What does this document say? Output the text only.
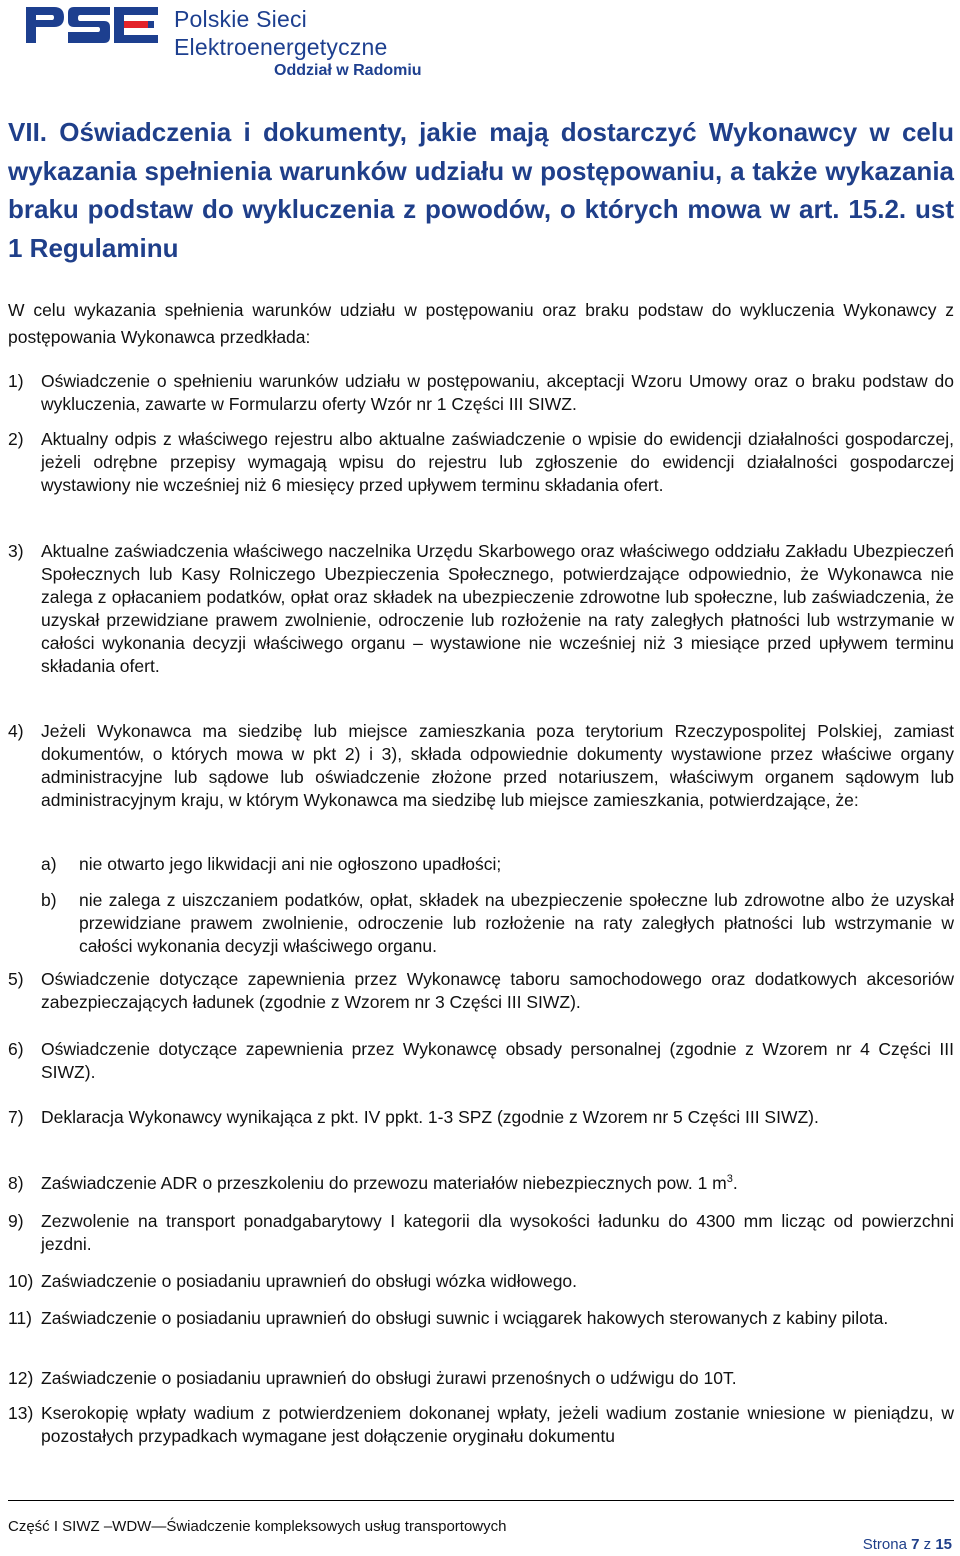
Polskie Sieci
Elektroenergetyczne
Oddział w Radomiu
VII. Oświadczenia i dokumenty, jakie mają dostarczyć Wykonawcy w celu wykazania spełnienia warunków udziału w postępowaniu, a także wykazania braku podstaw do wykluczenia z powodów, o których mowa w art. 15.2. ust 1 Regulaminu
W celu wykazania spełnienia warunków udziału w postępowaniu oraz braku podstaw do wykluczenia Wykonawcy z postępowania Wykonawca przedkłada:
1) Oświadczenie o spełnieniu warunków udziału w postępowaniu, akceptacji Wzoru Umowy oraz o braku podstaw do wykluczenia, zawarte w Formularzu oferty Wzór nr 1 Części III SIWZ.
2) Aktualny odpis z właściwego rejestru albo aktualne zaświadczenie o wpisie do ewidencji działalności gospodarczej, jeżeli odrębne przepisy wymagają wpisu do rejestru lub zgłoszenie do ewidencji działalności gospodarczej wystawiony nie wcześniej niż 6 miesięcy przed upływem terminu składania ofert.
3) Aktualne zaświadczenia właściwego naczelnika Urzędu Skarbowego oraz właściwego oddziału Zakładu Ubezpieczeń Społecznych lub Kasy Rolniczego Ubezpieczenia Społecznego, potwierdzające odpowiednio, że Wykonawca nie zalega z opłacaniem podatków, opłat oraz składek na ubezpieczenie zdrowotne lub społeczne, lub zaświadczenia, że uzyskał przewidziane prawem zwolnienie, odroczenie lub rozłożenie na raty zaległych płatności lub wstrzymanie w całości wykonania decyzji właściwego organu – wystawione nie wcześniej niż 3 miesiące przed upływem terminu składania ofert.
4) Jeżeli Wykonawca ma siedzibę lub miejsce zamieszkania poza terytorium Rzeczypospolitej Polskiej, zamiast dokumentów, o których mowa w pkt 2) i 3), składa odpowiednie dokumenty wystawione przez właściwe organy administracyjne lub sądowe lub oświadczenie złożone przed notariuszem, właściwym organem sądowym lub administracyjnym kraju, w którym Wykonawca ma siedzibę lub miejsce zamieszkania, potwierdzające, że:
a) nie otwarto jego likwidacji ani nie ogłoszono upadłości;
b) nie zalega z uiszczaniem podatków, opłat, składek na ubezpieczenie społeczne lub zdrowotne albo że uzyskał przewidziane prawem zwolnienie, odroczenie lub rozłożenie na raty zaległych płatności lub wstrzymanie w całości wykonania decyzji właściwego organu.
5) Oświadczenie dotyczące zapewnienia przez Wykonawcę taboru samochodowego oraz dodatkowych akcesoriów zabezpieczających ładunek (zgodnie z Wzorem nr 3 Części III SIWZ).
6) Oświadczenie dotyczące zapewnienia przez Wykonawcę obsady personalnej (zgodnie z Wzorem nr 4 Części III SIWZ).
7) Deklaracja Wykonawcy wynikająca z pkt. IV ppkt. 1-3 SPZ (zgodnie z Wzorem nr 5 Części III SIWZ).
8) Zaświadczenie ADR o przeszkoleniu do przewozu materiałów niebezpiecznych pow. 1 $m^3$.
9) Zezwolenie na transport ponadgabarytowy I kategorii dla wysokości ładunku do 4300 mm licząc od powierzchni jezdni.
10) Zaświadczenie o posiadaniu uprawnień do obsługi wózka widłowego.
11) Zaświadczenie o posiadaniu uprawnień do obsługi suwnic i wciągarek hakowych sterowanych z kabiny pilota.
12) Zaświadczenie o posiadaniu uprawnień do obsługi żurawi przenośnych o udźwigu do 10T.
13) Kserokopię wpłaty wadium z potwierdzeniem dokonanej wpłaty, jeżeli wadium zostanie wniesione w pieniądzu, w pozostałych przypadkach wymagane jest dołączenie oryginału dokumentu
Część I SIWZ –WDW—Świadczenie kompleksowych usług transportowych
Strona 7 z 15
